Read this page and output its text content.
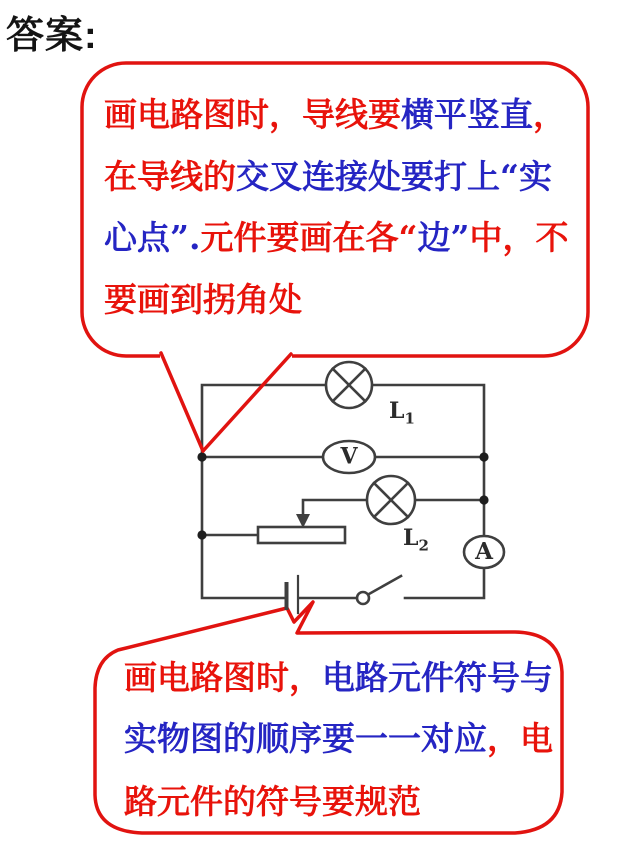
答案:
画电路图时，导线要横平竖直，
在导线的交叉连接处要打上“实
心点”.元件要画在各“边”中，不
要画到拐角处
画电路图时，电路元件符号与
实物图的顺序要一一对应，电
路元件的符号要规范
$L_1$
$L_2$
V
A
